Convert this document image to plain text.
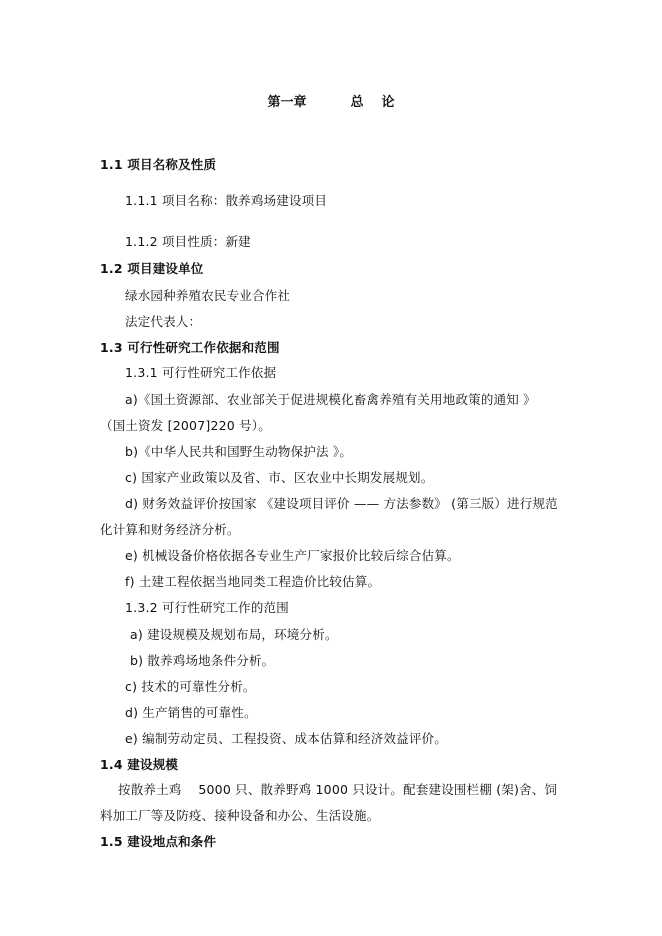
第一章	总 论
1.1 项目名称及性质
1.1.1 项目名称：散养鸡场建设项目
1.1.2 项目性质：新建
1.2 项目建设单位
绿水园种养殖农民专业合作社
法定代表人：
1.3 可行性研究工作依据和范围
1.3.1 可行性研究工作依据
a)《国土资源部、农业部关于促进规模化畜禽养殖有关用地政策的通知 》
（国土资发 [2007]220 号）。
b)《中华人民共和国野生动物保护法 》。
c) 国家产业政策以及省、市、区农业中长期发展规划。
d) 财务效益评价按国家 《建设项目评价 —— 方法参数》 (第三版）进行规范
化计算和财务经济分析。
e) 机械设备价格依据各专业生产厂家报价比较后综合估算。
f) 土建工程依据当地同类工程造价比较估算。
1.3.2 可行性研究工作的范围
a) 建设规模及规划布局，环境分析。
b) 散养鸡场地条件分析。
c) 技术的可靠性分析。
d) 生产销售的可靠性。
e) 编制劳动定员、工程投资、成本估算和经济效益评价。
1.4 建设规模
按散养土鸡　 5000 只、散养野鸡 1000 只设计。配套建设围栏棚 (架)舍、饲
料加工厂等及防疫、接种设备和办公、生活设施。
1.5 建设地点和条件
